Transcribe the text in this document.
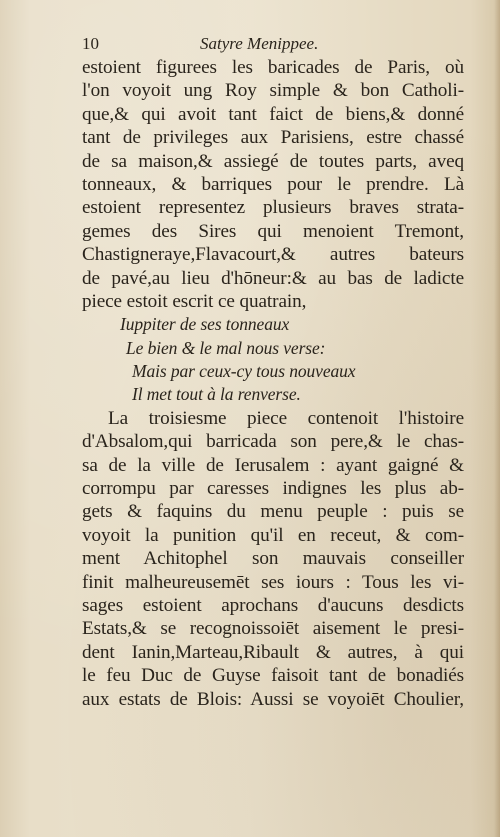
10	Satyre Menippee.
estoient figurees les baricades de Paris, où
l'on voyoit ung Roy simple & bon Catholi-
que,& qui avoit tant faict de biens,& donné
tant de privileges aux Parisiens, estre chassé
de sa maison,& assiegé de toutes parts, aveq
tonneaux, & barriques pour le prendre. Là
estoient representez plusieurs braves strata-
gemes des Sires qui menoient Tremont,
Chastigneraye,Flavacourt,& autres bateurs
de pavé,au lieu d'hōneur:& au bas de ladicte
piece estoit escrit ce quatrain,
Iuppiter de ses tonneaux
Le bien & le mal nous verse:
Mais par ceux-cy tous nouveaux
Il met tout à la renverse.
La troisiesme piece contenoit l'histoire
d'Absalom,qui barricada son pere,& le chas-
sa de la ville de Ierusalem : ayant gaigné &
corrompu par caresses indignes les plus ab-
gets & faquins du menu peuple : puis se
voyoit la punition qu'il en receut, & com-
ment Achitophel son mauvais conseiller
finit malheureusemēt ses iours : Tous les vi-
sages estoient aprochans d'aucuns desdicts
Estats,& se recognoissoiēt aisement le presi-
dent Ianin,Marteau,Ribault & autres, à qui
le feu Duc de Guyse faisoit tant de bonadiés
aux estats de Blois: Aussi se voyoiēt Choulier,
